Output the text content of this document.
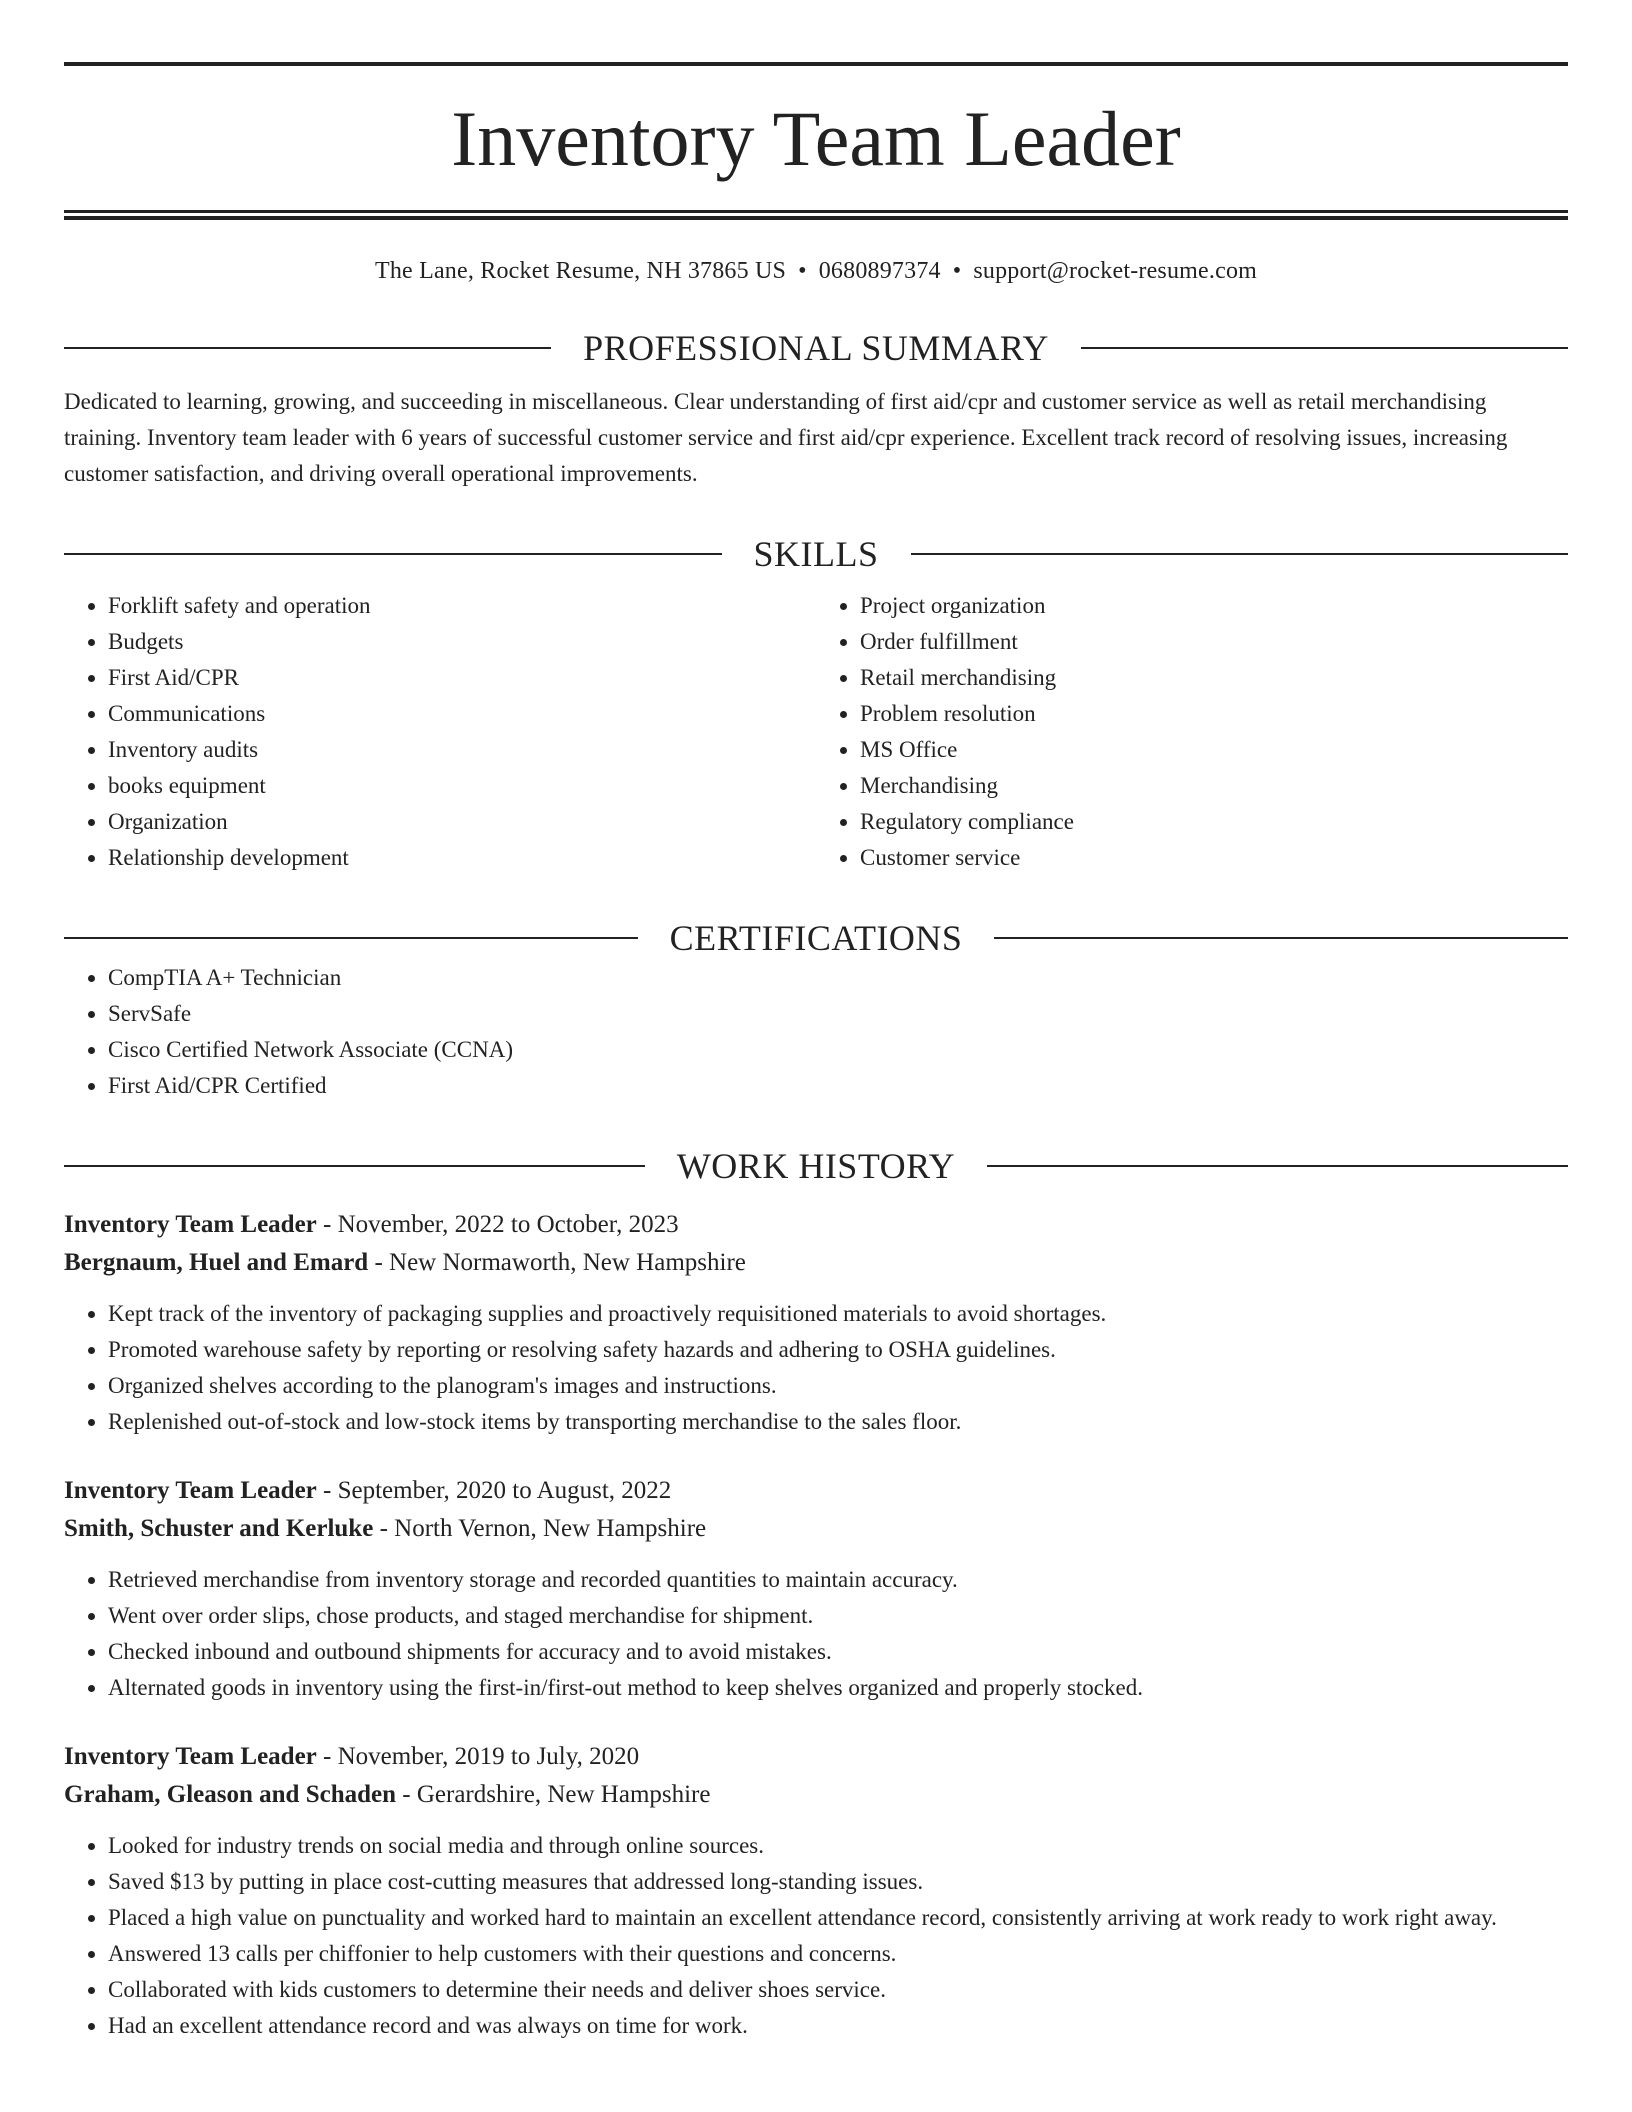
Inventory Team Leader
The Lane, Rocket Resume, NH 37865 US • 0680897374 • support@rocket-resume.com
PROFESSIONAL SUMMARY
Dedicated to learning, growing, and succeeding in miscellaneous. Clear understanding of first aid/cpr and customer service as well as retail merchandising training. Inventory team leader with 6 years of successful customer service and first aid/cpr experience. Excellent track record of resolving issues, increasing customer satisfaction, and driving overall operational improvements.
SKILLS
• Forklift safety and operation
• Budgets
• First Aid/CPR
• Communications
• Inventory audits
• books equipment
• Organization
• Relationship development
• Project organization
• Order fulfillment
• Retail merchandising
• Problem resolution
• MS Office
• Merchandising
• Regulatory compliance
• Customer service
CERTIFICATIONS
• CompTIA A+ Technician
• ServSafe
• Cisco Certified Network Associate (CCNA)
• First Aid/CPR Certified
WORK HISTORY
Inventory Team Leader - November, 2022 to October, 2023
Bergnaum, Huel and Emard - New Normaworth, New Hampshire
• Kept track of the inventory of packaging supplies and proactively requisitioned materials to avoid shortages.
• Promoted warehouse safety by reporting or resolving safety hazards and adhering to OSHA guidelines.
• Organized shelves according to the planogram's images and instructions.
• Replenished out-of-stock and low-stock items by transporting merchandise to the sales floor.
Inventory Team Leader - September, 2020 to August, 2022
Smith, Schuster and Kerluke - North Vernon, New Hampshire
• Retrieved merchandise from inventory storage and recorded quantities to maintain accuracy.
• Went over order slips, chose products, and staged merchandise for shipment.
• Checked inbound and outbound shipments for accuracy and to avoid mistakes.
• Alternated goods in inventory using the first-in/first-out method to keep shelves organized and properly stocked.
Inventory Team Leader - November, 2019 to July, 2020
Graham, Gleason and Schaden - Gerardshire, New Hampshire
• Looked for industry trends on social media and through online sources.
• Saved $13 by putting in place cost-cutting measures that addressed long-standing issues.
• Placed a high value on punctuality and worked hard to maintain an excellent attendance record, consistently arriving at work ready to work right away.
• Answered 13 calls per chiffonier to help customers with their questions and concerns.
• Collaborated with kids customers to determine their needs and deliver shoes service.
• Had an excellent attendance record and was always on time for work.
